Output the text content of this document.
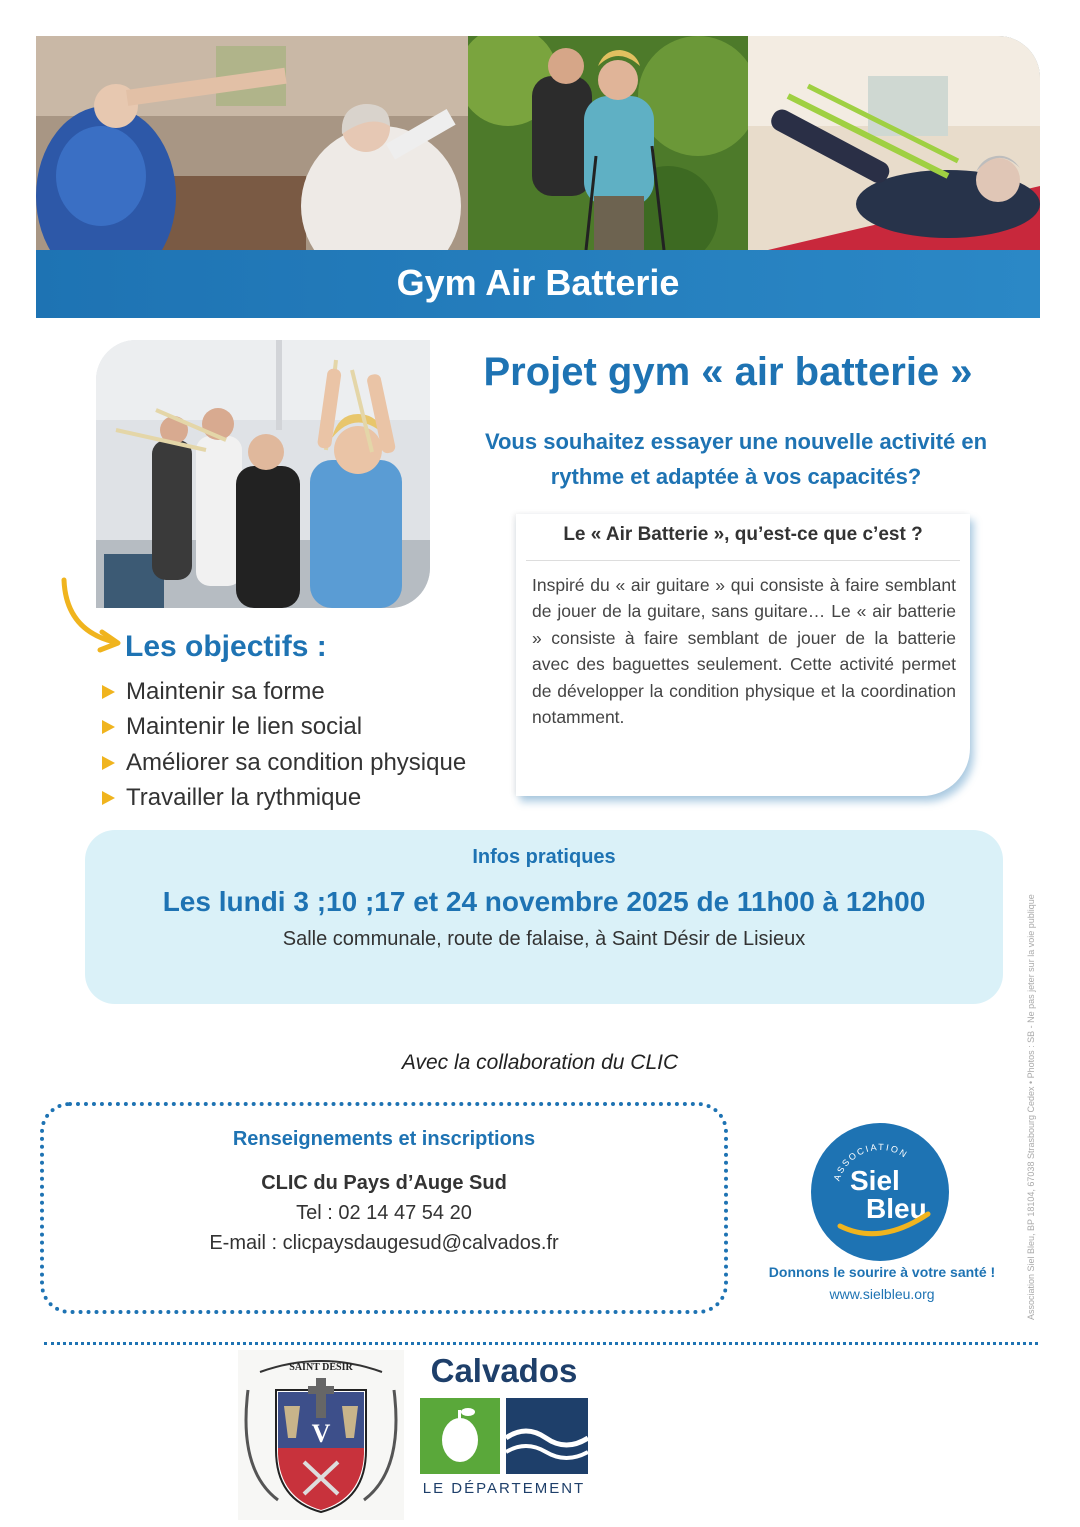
Gym Air Batterie
Projet gym « air batterie »
Vous souhaitez essayer une nouvelle activité en
rythme et adaptée à vos capacités?
Le « Air Batterie », qu’est-ce que c’est ?
Inspiré du « air guitare » qui consiste à faire semblant de jouer de la guitare, sans guitare… Le « air batterie » consiste à faire semblant de jouer de la batterie avec des baguettes seulement. Cette activité permet de développer la condition physique et la coordination notamment.
Les objectifs :
Maintenir sa forme
Maintenir le lien social
Améliorer sa condition physique
Travailler la rythmique
Infos pratiques
Les lundi 3 ;10 ;17 et 24 novembre 2025 de 11h00 à 12h00
Salle communale, route de falaise, à Saint Désir de Lisieux
Avec la collaboration du CLIC
Renseignements et inscriptions
CLIC du Pays d’Auge Sud
Tel : 02 14 47 54 20
E-mail : clicpaysdaugesud@calvados.fr
ASSOCIATION
Siel
Bleu
Donnons le sourire à votre santé !
www.sielbleu.org	Association Siel Bleu, BP 18104, 67038 Strasbourg Cedex • Photos : SB - Ne pas jeter sur la voie publique
SAINT DÉSIR
V
Calvados
LE DÉPARTEMENT
